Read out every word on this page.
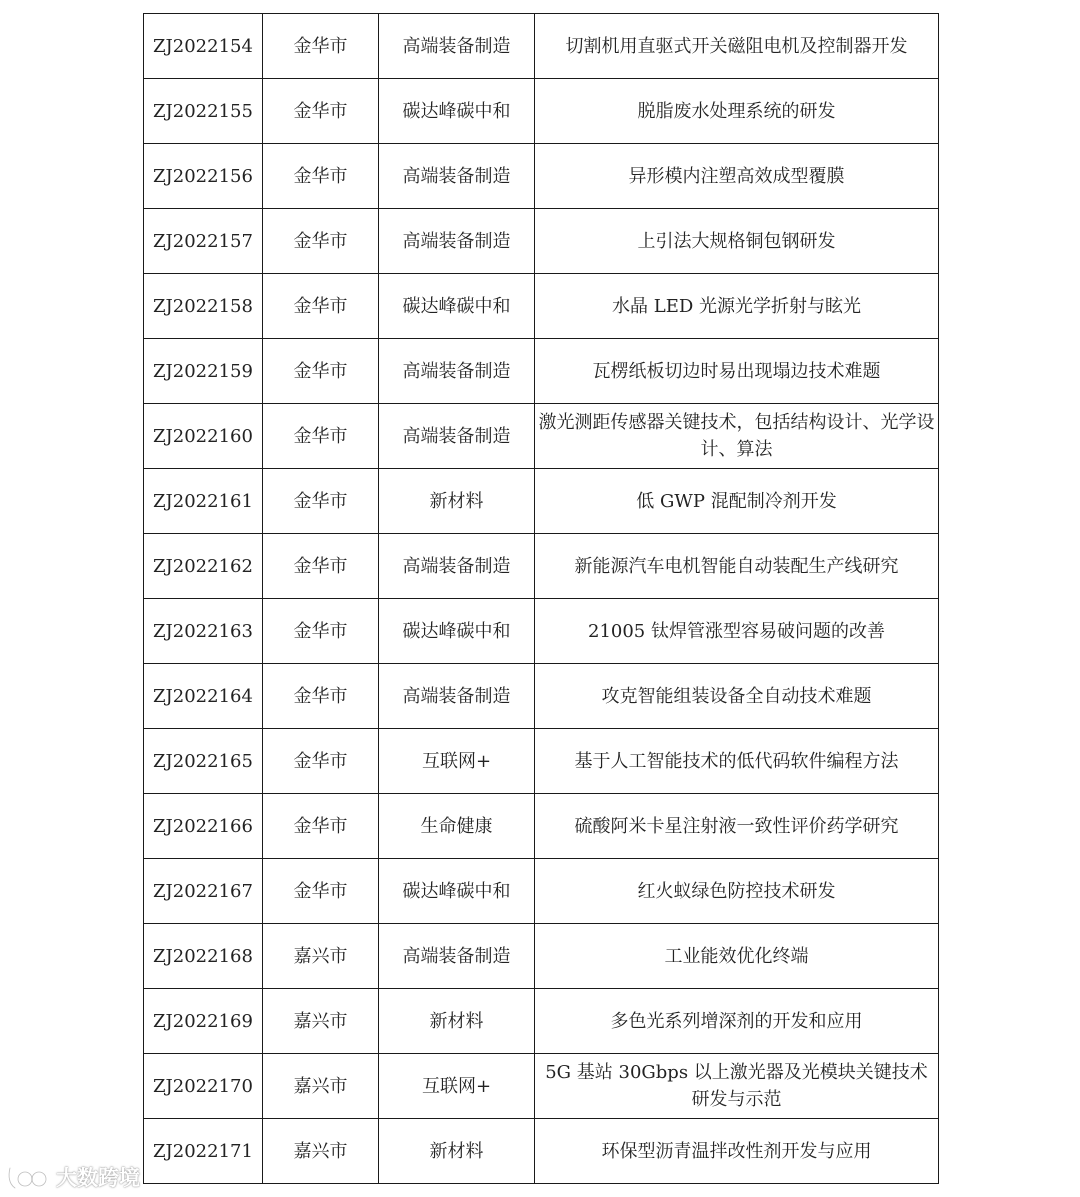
ZJ2022154	金华市	高端装备制造	切割机用直驱式开关磁阻电机及控制器开发
ZJ2022155	金华市	碳达峰碳中和	脱脂废水处理系统的研发
ZJ2022156	金华市	高端装备制造	异形模内注塑高效成型覆膜
ZJ2022157	金华市	高端装备制造	上引法大规格铜包钢研发
ZJ2022158	金华市	碳达峰碳中和	水晶 LED 光源光学折射与眩光
ZJ2022159	金华市	高端装备制造	瓦楞纸板切边时易出现塌边技术难题
ZJ2022160	金华市	高端装备制造	激光测距传感器关键技术，包括结构设计、光学设计、算法
ZJ2022161	金华市	新材料	低 GWP 混配制冷剂开发
ZJ2022162	金华市	高端装备制造	新能源汽车电机智能自动装配生产线研究
ZJ2022163	金华市	碳达峰碳中和	21005 钛焊管涨型容易破问题的改善
ZJ2022164	金华市	高端装备制造	攻克智能组装设备全自动技术难题
ZJ2022165	金华市	互联网+	基于人工智能技术的低代码软件编程方法
ZJ2022166	金华市	生命健康	硫酸阿米卡星注射液一致性评价药学研究
ZJ2022167	金华市	碳达峰碳中和	红火蚁绿色防控技术研发
ZJ2022168	嘉兴市	高端装备制造	工业能效优化终端
ZJ2022169	嘉兴市	新材料	多色光系列增深剂的开发和应用
ZJ2022170	嘉兴市	互联网+	5G 基站 30Gbps 以上激光器及光模块关键技术研发与示范
ZJ2022171	嘉兴市	新材料	环保型沥青温拌改性剂开发与应用
大数跨境
